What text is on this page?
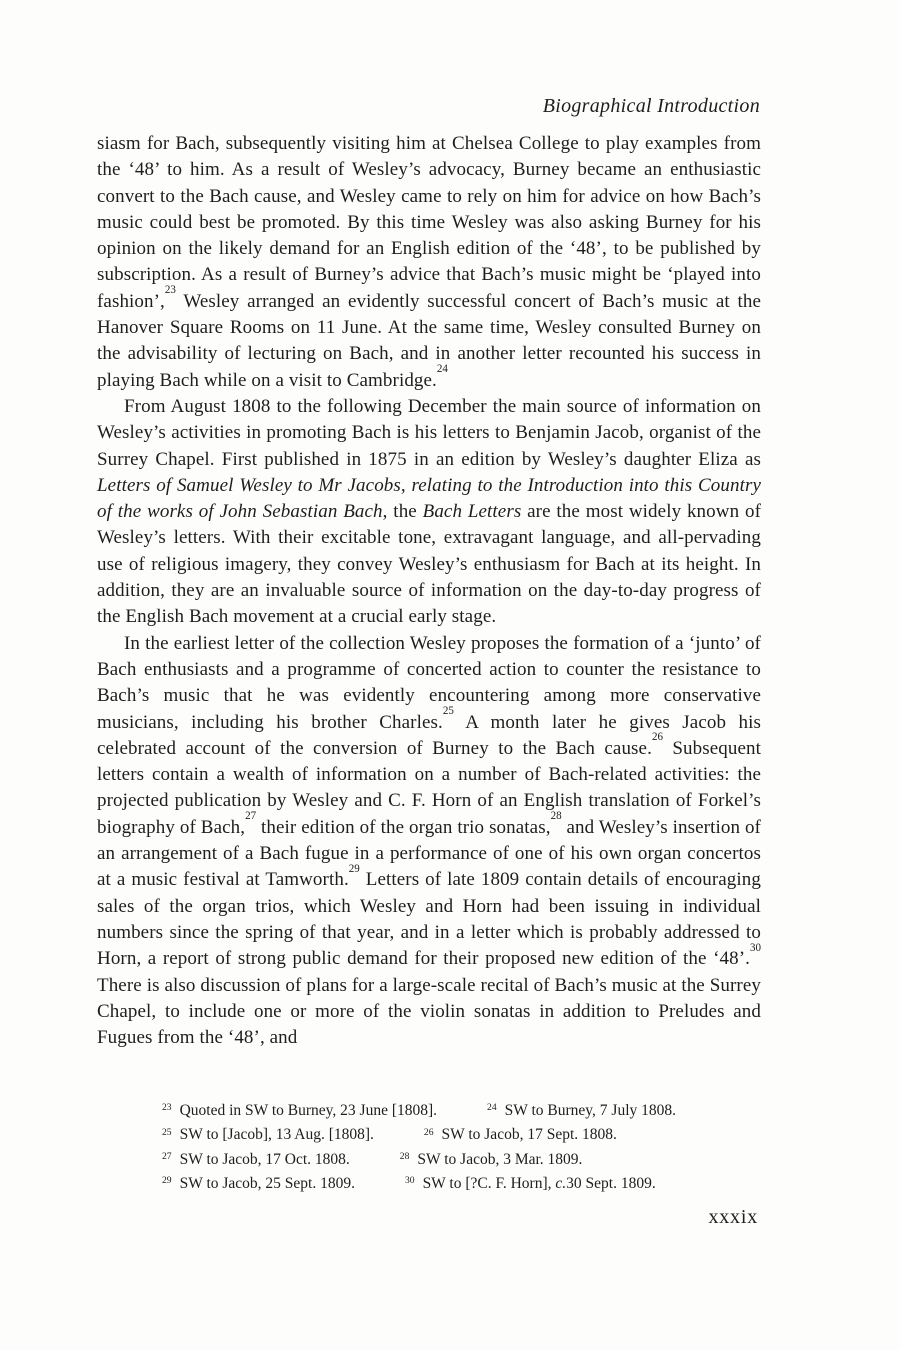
Biographical Introduction

siasm for Bach, subsequently visiting him at Chelsea College to play examples from the ‘48’ to him. As a result of Wesley’s advocacy, Burney became an enthusiastic convert to the Bach cause, and Wesley came to rely on him for advice on how Bach’s music could best be promoted. By this time Wesley was also asking Burney for his opinion on the likely demand for an English edition of the ‘48’, to be published by subscription. As a result of Burney’s advice that Bach’s music might be ‘played into fashion’,$^{23}$ Wesley arranged an evidently successful concert of Bach’s music at the Hanover Square Rooms on 11 June. At the same time, Wesley consulted Burney on the advisability of lecturing on Bach, and in another letter recounted his success in playing Bach while on a visit to Cambridge.$^{24}$

From August 1808 to the following December the main source of information on Wesley’s activities in promoting Bach is his letters to Benjamin Jacob, organist of the Surrey Chapel. First published in 1875 in an edition by Wesley’s daughter Eliza as Letters of Samuel Wesley to Mr Jacobs, relating to the Introduction into this Country of the works of John Sebastian Bach, the Bach Letters are the most widely known of Wesley’s letters. With their excitable tone, extravagant language, and all-pervading use of religious imagery, they convey Wesley’s enthusiasm for Bach at its height. In addition, they are an invaluable source of information on the day-to-day progress of the English Bach movement at a crucial early stage.

In the earliest letter of the collection Wesley proposes the formation of a ‘junto’ of Bach enthusiasts and a programme of concerted action to counter the resistance to Bach’s music that he was evidently encountering among more conservative musicians, including his brother Charles.$^{25}$ A month later he gives Jacob his celebrated account of the conversion of Burney to the Bach cause.$^{26}$ Subsequent letters contain a wealth of information on a number of Bach-related activities: the projected publication by Wesley and C. F. Horn of an English translation of Forkel’s biography of Bach,$^{27}$ their edition of the organ trio sonatas,$^{28}$ and Wesley’s insertion of an arrangement of a Bach fugue in a performance of one of his own organ concertos at a music festival at Tamworth.$^{29}$ Letters of late 1809 contain details of encouraging sales of the organ trios, which Wesley and Horn had been issuing in individual numbers since the spring of that year, and in a letter which is probably addressed to Horn, a report of strong public demand for their proposed new edition of the ‘48’.$^{30}$ There is also discussion of plans for a large-scale recital of Bach’s music at the Surrey Chapel, to include one or more of the violin sonatas in addition to Preludes and Fugues from the ‘48’, and

23 Quoted in SW to Burney, 23 June [1808].	24 SW to Burney, 7 July 1808.
25 SW to [Jacob], 13 Aug. [1808].	26 SW to Jacob, 17 Sept. 1808.
27 SW to Jacob, 17 Oct. 1808.	28 SW to Jacob, 3 Mar. 1809.
29 SW to Jacob, 25 Sept. 1809.	30 SW to [?C. F. Horn], c.30 Sept. 1809.
xxxix
